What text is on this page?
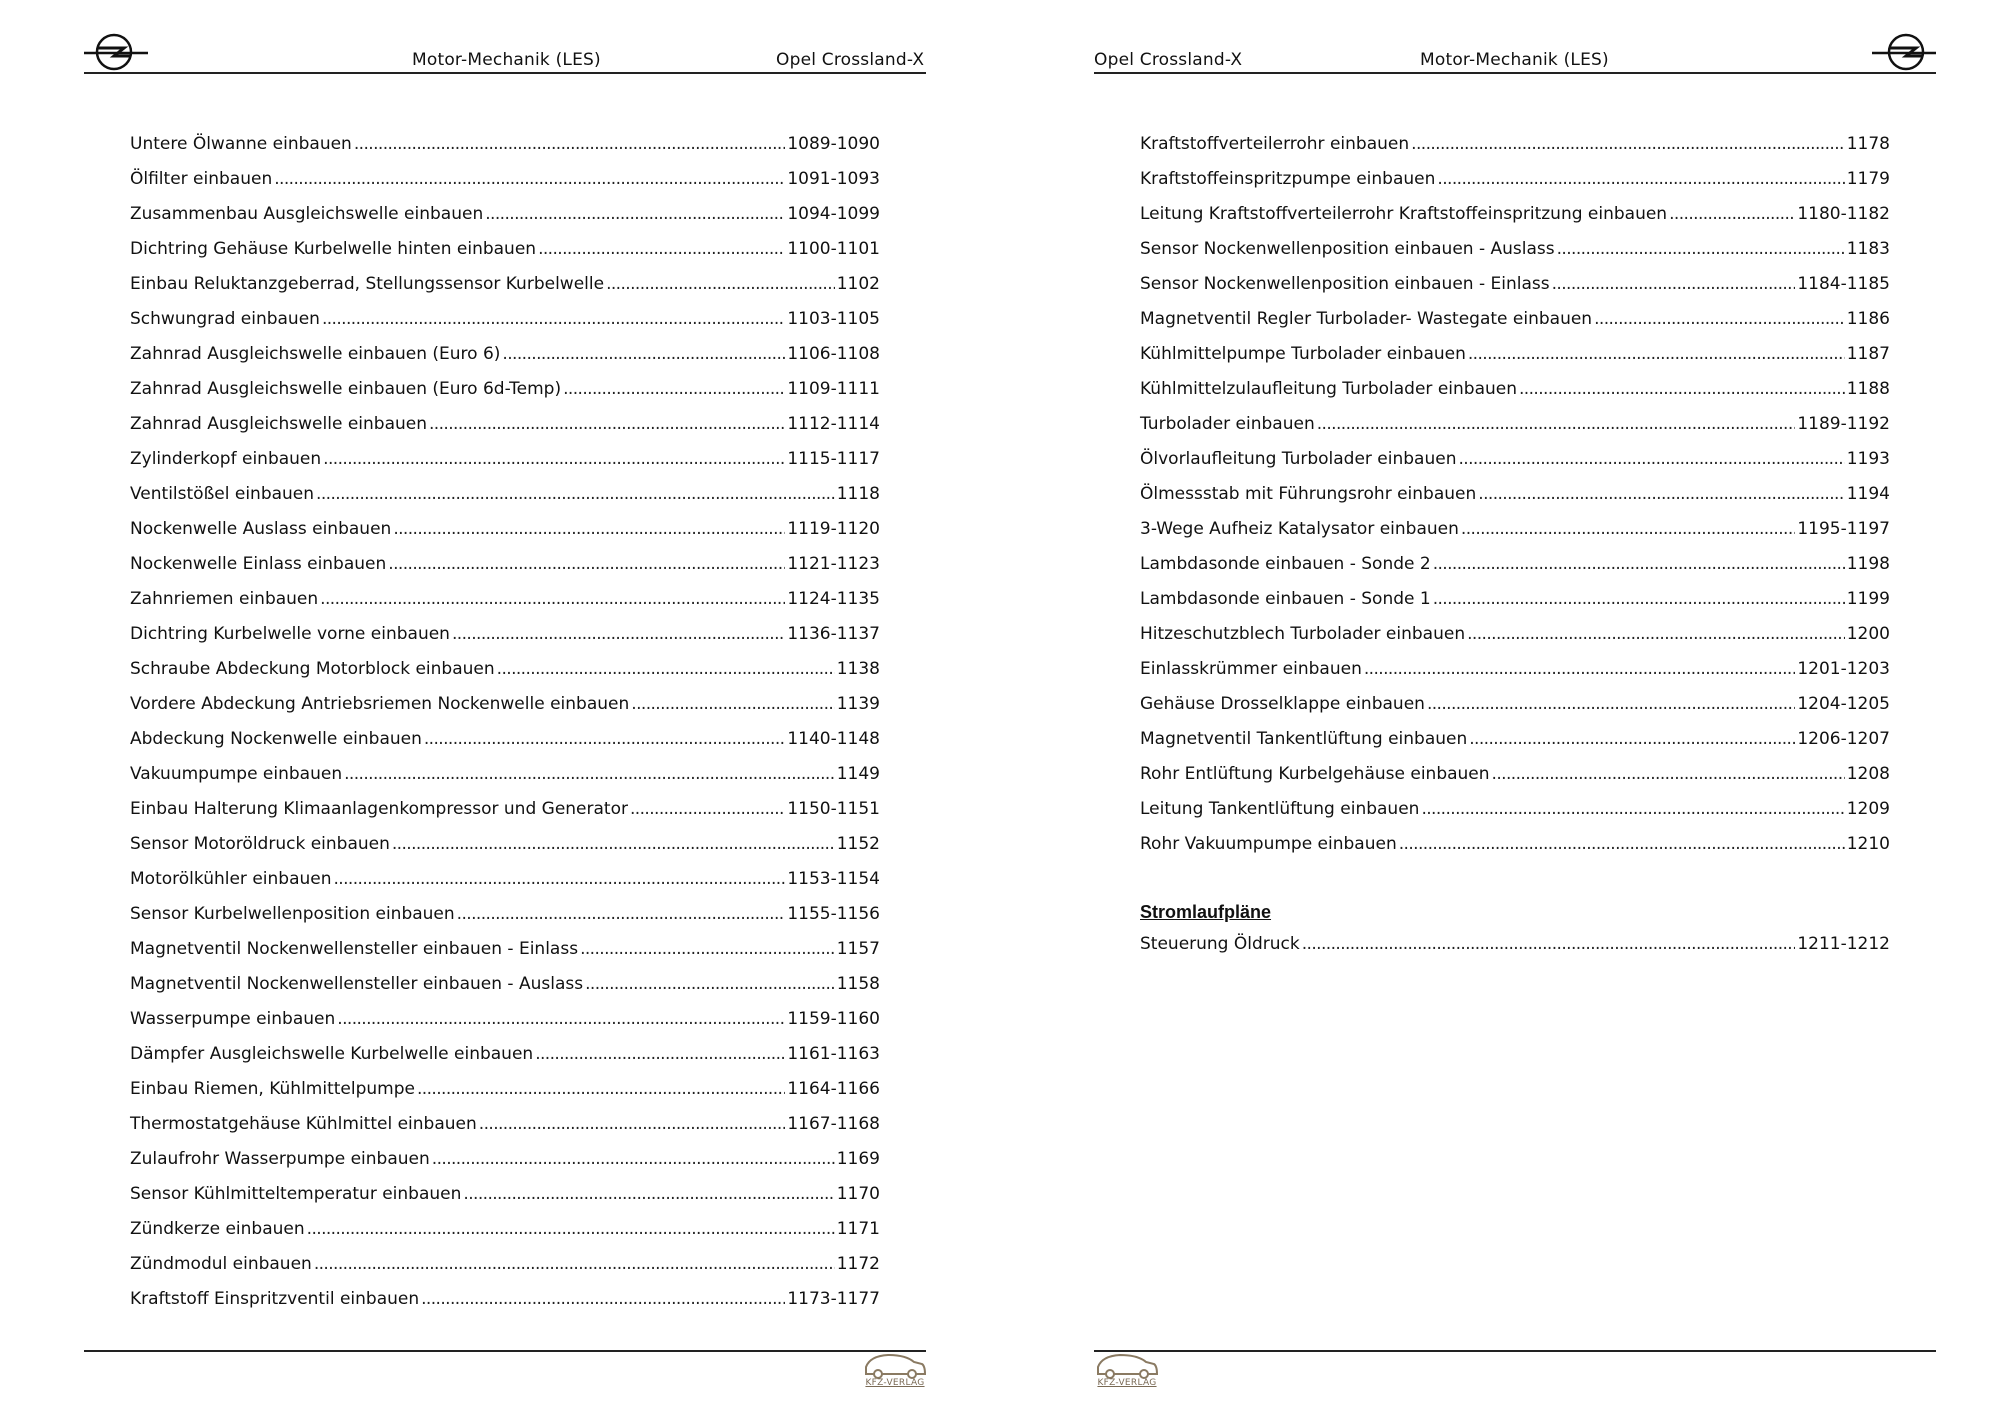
Motor-Mechanik (LES)	Opel Crossland-X
Untere Ölwanne einbauen . . .	1089-1090
Ölfilter einbauen . . .	1091-1093
Zusammenbau Ausgleichswelle einbauen . . .	1094-1099
Dichtring Gehäuse Kurbelwelle hinten einbauen . . .	1100-1101
Einbau Reluktanzgeberrad, Stellungssensor Kurbelwelle . . .	1102
Schwungrad einbauen . . .	1103-1105
Zahnrad Ausgleichswelle einbauen (Euro 6) . . .	1106-1108
Zahnrad Ausgleichswelle einbauen (Euro 6d-Temp) . . .	1109-1111
Zahnrad Ausgleichswelle einbauen . . .	1112-1114
Zylinderkopf einbauen . . .	1115-1117
Ventilstößel einbauen . . .	1118
Nockenwelle Auslass einbauen . . .	1119-1120
Nockenwelle Einlass einbauen . . .	1121-1123
Zahnriemen einbauen . . .	1124-1135
Dichtring Kurbelwelle vorne einbauen . . .	1136-1137
Schraube Abdeckung Motorblock einbauen . . .	1138
Vordere Abdeckung Antriebsriemen Nockenwelle einbauen . . .	1139
Abdeckung Nockenwelle einbauen . . .	1140-1148
Vakuumpumpe einbauen . . .	1149
Einbau Halterung Klimaanlagenkompressor und Generator . . .	1150-1151
Sensor Motoröldruck einbauen . . .	1152
Motorölkühler einbauen . . .	1153-1154
Sensor Kurbelwellenposition einbauen . . .	1155-1156
Magnetventil Nockenwellensteller einbauen - Einlass . . .	1157
Magnetventil Nockenwellensteller einbauen - Auslass . . .	1158
Wasserpumpe einbauen . . .	1159-1160
Dämpfer Ausgleichswelle Kurbelwelle einbauen . . .	1161-1163
Einbau Riemen, Kühlmittelpumpe . . .	1164-1166
Thermostatgehäuse Kühlmittel einbauen . . .	1167-1168
Zulaufrohr Wasserpumpe einbauen . . .	1169
Sensor Kühlmitteltemperatur einbauen . . .	1170
Zündkerze einbauen . . .	1171
Zündmodul einbauen . . .	1172
Kraftstoff Einspritzventil einbauen . . .	1173-1177
KFZ-VERLAG
Opel Crossland-X	Motor-Mechanik (LES)
Kraftstoffverteilerrohr einbauen . . .	1178
Kraftstoffeinspritzpumpe einbauen . . .	1179
Leitung Kraftstoffverteilerrohr Kraftstoffeinspritzung einbauen . . .	1180-1182
Sensor Nockenwellenposition einbauen - Auslass . . .	1183
Sensor Nockenwellenposition einbauen - Einlass . . .	1184-1185
Magnetventil Regler Turbolader- Wastegate einbauen . . .	1186
Kühlmittelpumpe Turbolader einbauen . . .	1187
Kühlmittelzulaufleitung Turbolader einbauen . . .	1188
Turbolader einbauen . . .	1189-1192
Ölvorlaufleitung Turbolader einbauen . . .	1193
Ölmessstab mit Führungsrohr einbauen . . .	1194
3-Wege Aufheiz Katalysator einbauen . . .	1195-1197
Lambdasonde einbauen - Sonde 2 . . .	1198
Lambdasonde einbauen - Sonde 1 . . .	1199
Hitzeschutzblech Turbolader einbauen . . .	1200
Einlasskrümmer einbauen . . .	1201-1203
Gehäuse Drosselklappe einbauen . . .	1204-1205
Magnetventil Tankentlüftung einbauen . . .	1206-1207
Rohr Entlüftung Kurbelgehäuse einbauen . . .	1208
Leitung Tankentlüftung einbauen . . .	1209
Rohr Vakuumpumpe einbauen . . .	1210
Stromlaufpläne
Steuerung Öldruck . . .	1211-1212
KFZ-VERLAG
